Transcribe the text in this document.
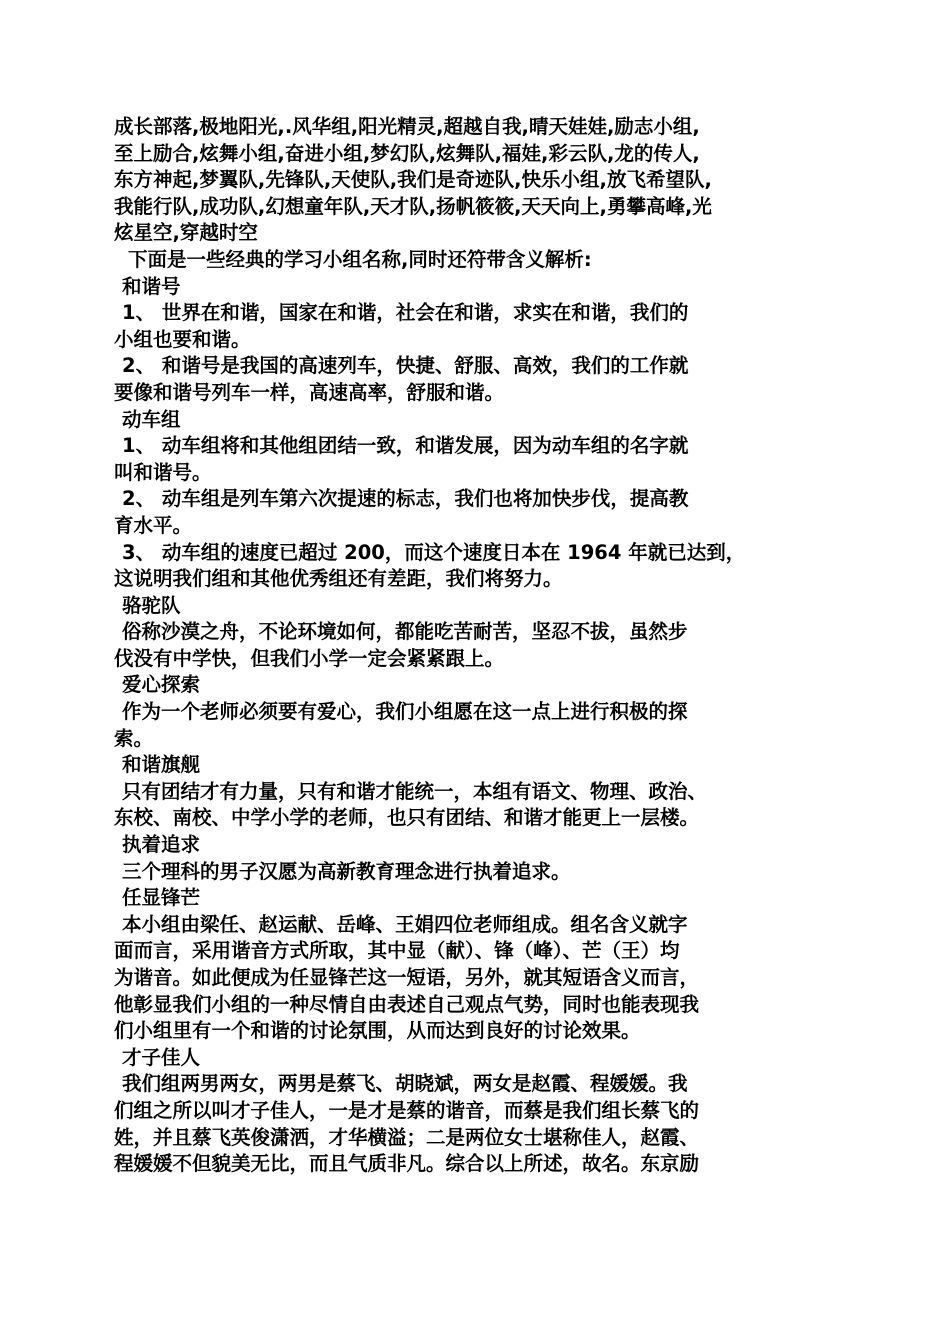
成长部落,极地阳光,.风华组,阳光精灵,超越自我,晴天娃娃,励志小组,
至上励合,炫舞小组,奋进小组,梦幻队,炫舞队,福娃,彩云队,龙的传人,
东方神起,梦翼队,先锋队,天使队,我们是奇迹队,快乐小组,放飞希望队,
我能行队,成功队,幻想童年队,天才队,扬帆筱筱,天天向上,勇攀高峰,光
炫星空,穿越时空
下面是一些经典的学习小组名称,同时还符带含义解析:
和谐号
1、 世界在和谐，国家在和谐，社会在和谐，求实在和谐，我们的
小组也要和谐。
2、 和谐号是我国的高速列车，快捷、舒服、高效，我们的工作就
要像和谐号列车一样，高速高率，舒服和谐。
动车组
1、 动车组将和其他组团结一致，和谐发展，因为动车组的名字就
叫和谐号。
2、 动车组是列车第六次提速的标志，我们也将加快步伐，提高教
育水平。
3、 动车组的速度已超过 200，而这个速度日本在 1964 年就已达到，
这说明我们组和其他优秀组还有差距，我们将努力。
骆驼队
俗称沙漠之舟，不论环境如何，都能吃苦耐苦，坚忍不拔，虽然步
伐没有中学快，但我们小学一定会紧紧跟上。
爱心探索
作为一个老师必须要有爱心，我们小组愿在这一点上进行积极的探
索。
和谐旗舰
只有团结才有力量，只有和谐才能统一，本组有语文、物理、政治、
东校、南校、中学小学的老师，也只有团结、和谐才能更上一层楼。
执着追求
三个理科的男子汉愿为高新教育理念进行执着追求。
任显锋芒
本小组由梁任、赵运献、岳峰、王娟四位老师组成。组名含义就字
面而言，采用谐音方式所取，其中显（献）、锋（峰）、芒（王）均
为谐音。如此便成为任显锋芒这一短语，另外，就其短语含义而言，
他彰显我们小组的一种尽情自由表述自己观点气势，同时也能表现我
们小组里有一个和谐的讨论氛围，从而达到良好的讨论效果。
才子佳人
我们组两男两女，两男是蔡飞、胡晓斌，两女是赵霞、程媛媛。我
们组之所以叫才子佳人，一是才是蔡的谐音，而蔡是我们组长蔡飞的
姓，并且蔡飞英俊潇洒，才华横溢；二是两位女士堪称佳人，赵霞、
程媛媛不但貌美无比，而且气质非凡。综合以上所述，故名。东京励
